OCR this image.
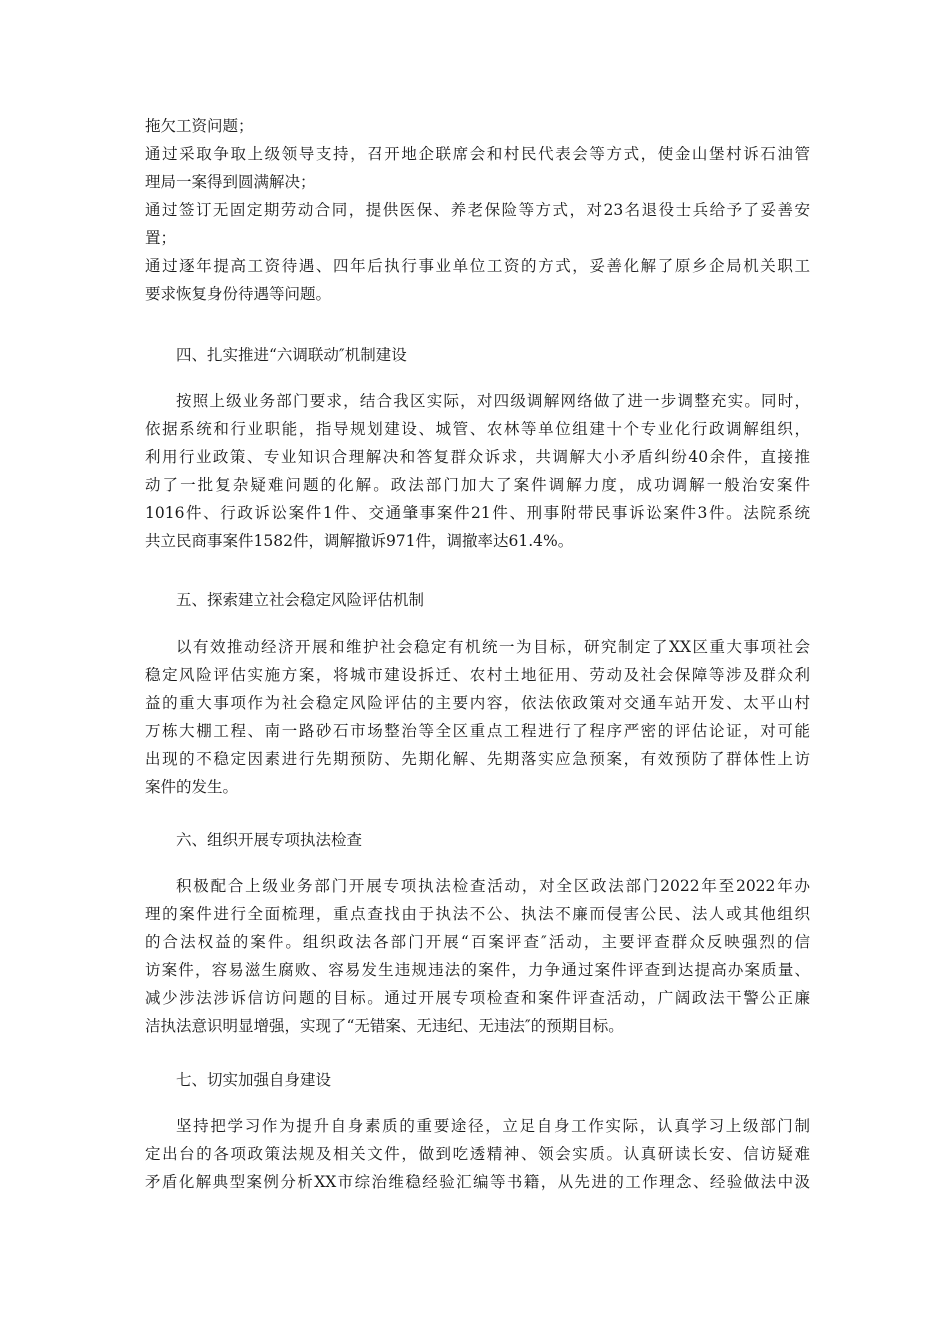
拖欠工资问题；
通过采取争取上级领导支持，召开地企联席会和村民代表会等方式，使金山堡村诉石油管
理局一案得到圆满解决；
通过签订无固定期劳动合同，提供医保、养老保险等方式，对23名退役士兵给予了妥善安
置；
通过逐年提高工资待遇、四年后执行事业单位工资的方式，妥善化解了原乡企局机关职工
要求恢复身份待遇等问题。
四、扎实推进“六调联动″机制建设
按照上级业务部门要求，结合我区实际，对四级调解网络做了进一步调整充实。同时，
依据系统和行业职能，指导规划建设、城管、农林等单位组建十个专业化行政调解组织，
利用行业政策、专业知识合理解决和答复群众诉求，共调解大小矛盾纠纷40余件，直接推
动了一批复杂疑难问题的化解。政法部门加大了案件调解力度，成功调解一般治安案件
1016件、行政诉讼案件1件、交通肇事案件21件、刑事附带民事诉讼案件3件。法院系统
共立民商事案件1582件，调解撤诉971件，调撤率达61.4%。
五、探索建立社会稳定风险评估机制
以有效推动经济开展和维护社会稳定有机统一为目标，研究制定了XX区重大事项社会
稳定风险评估实施方案，将城市建设拆迁、农村土地征用、劳动及社会保障等涉及群众利
益的重大事项作为社会稳定风险评估的主要内容，依法依政策对交通车站开发、太平山村
万栋大棚工程、南一路砂石市场整治等全区重点工程进行了程序严密的评估论证，对可能
出现的不稳定因素进行先期预防、先期化解、先期落实应急预案，有效预防了群体性上访
案件的发生。
六、组织开展专项执法检查
积极配合上级业务部门开展专项执法检查活动，对全区政法部门2022年至2022年办
理的案件进行全面梳理，重点查找由于执法不公、执法不廉而侵害公民、法人或其他组织
的合法权益的案件。组织政法各部门开展“百案评查″活动，主要评查群众反映强烈的信
访案件，容易滋生腐败、容易发生违规违法的案件，力争通过案件评查到达提高办案质量、
减少涉法涉诉信访问题的目标。通过开展专项检查和案件评查活动，广阔政法干警公正廉
洁执法意识明显增强，实现了“无错案、无违纪、无违法″的预期目标。
七、切实加强自身建设
坚持把学习作为提升自身素质的重要途径，立足自身工作实际，认真学习上级部门制
定出台的各项政策法规及相关文件，做到吃透精神、领会实质。认真研读长安、信访疑难
矛盾化解典型案例分析XX市综治维稳经验汇编等书籍，从先进的工作理念、经验做法中汲
